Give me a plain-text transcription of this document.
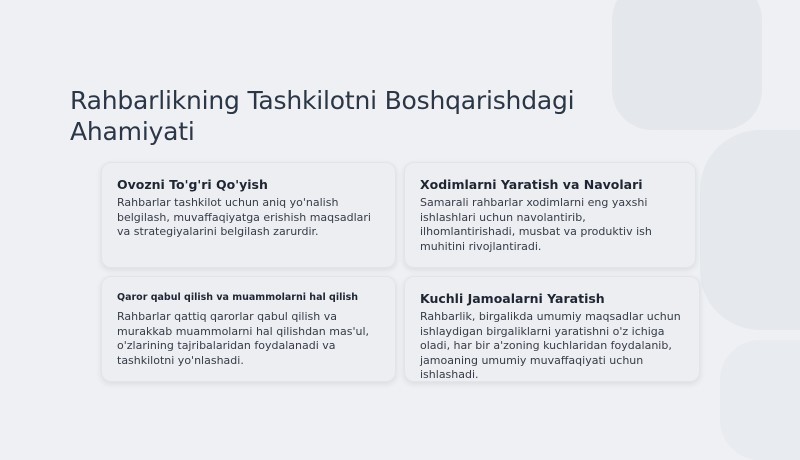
Rahbarlikning Tashkilotni Boshqarishdagi Ahamiyati
Ovozni To'g'ri Qo'yish
Rahbarlar tashkilot uchun aniq yo'nalish belgilash, muvaffaqiyatga erishish maqsadlari va strategiyalarini belgilash zarurdir.
Xodimlarni Yaratish va Navolari
Samarali rahbarlar xodimlarni eng yaxshi ishlashlari uchun navolantirib, ilhomlantirishadi, musbat va produktiv ish muhitini rivojlantiradi.
Qaror qabul qilish va muammolarni hal qilish
Rahbarlar qattiq qarorlar qabul qilish va murakkab muammolarni hal qilishdan mas'ul, o'zlarining tajribalaridan foydalanadi va tashkilotni yo'nlashadi.
Kuchli Jamoalarni Yaratish
Rahbarlik, birgalikda umumiy maqsadlar uchun ishlaydigan birgaliklarni yaratishni o'z ichiga oladi, har bir a'zoning kuchlaridan foydalanib, jamoaning umumiy muvaffaqiyati uchun ishlashadi.
